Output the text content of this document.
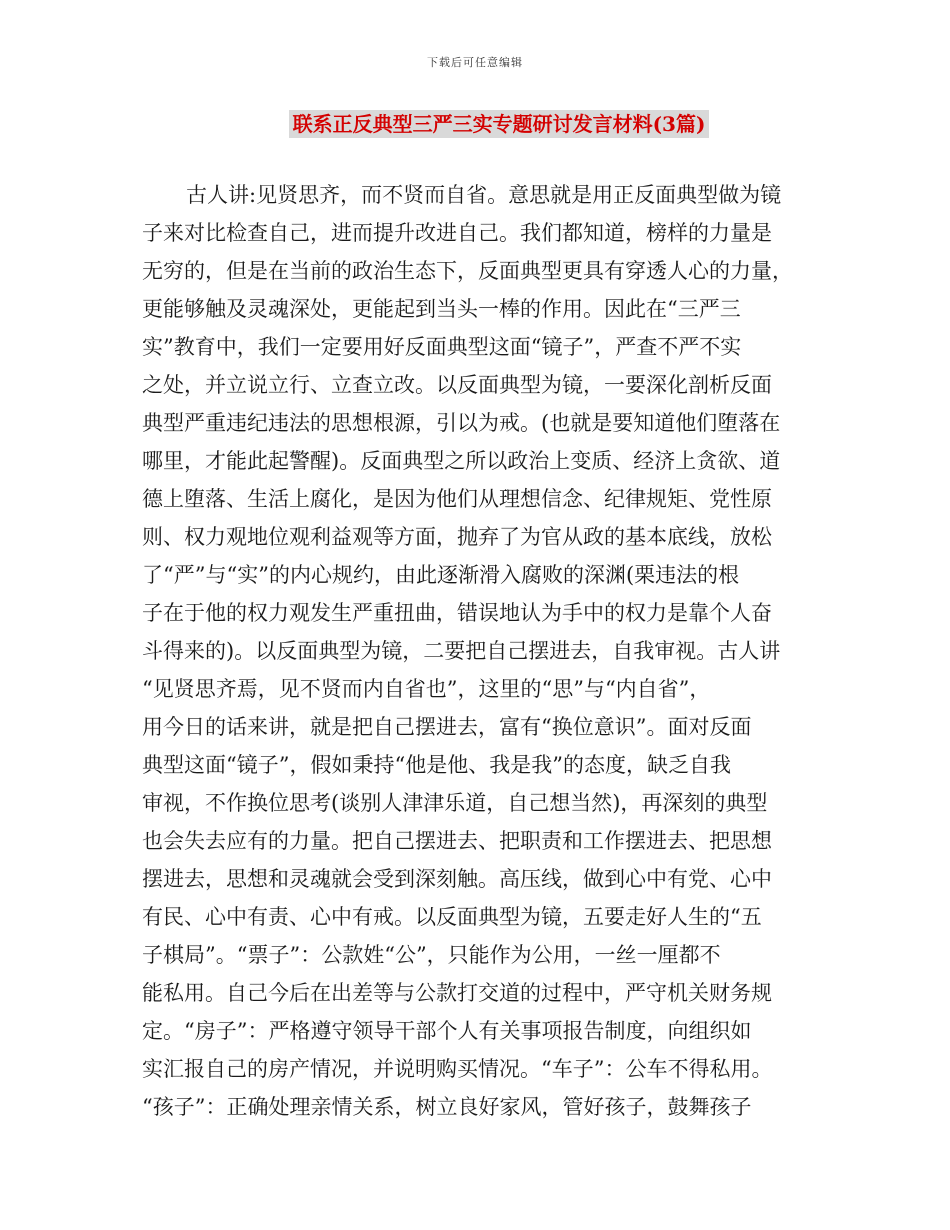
下载后可任意编辑
联系正反典型三严三实专题研讨发言材料(3篇)
古人讲:见贤思齐，而不贤而自省。意思就是用正反面典型做为镜
子来对比检查自己，进而提升改进自己。我们都知道，榜样的力量是
无穷的，但是在当前的政治生态下，反面典型更具有穿透人心的力量，
更能够触及灵魂深处，更能起到当头一棒的作用。因此在“三严三
实”教育中，我们一定要用好反面典型这面“镜子”，严查不严不实
之处，并立说立行、立查立改。以反面典型为镜，一要深化剖析反面
典型严重违纪违法的思想根源，引以为戒。(也就是要知道他们堕落在
哪里，才能此起警醒)。反面典型之所以政治上变质、经济上贪欲、道
德上堕落、生活上腐化，是因为他们从理想信念、纪律规矩、党性原
则、权力观地位观利益观等方面，抛弃了为官从政的基本底线，放松
了“严”与“实”的内心规约，由此逐渐滑入腐败的深渊(栗违法的根
子在于他的权力观发生严重扭曲，错误地认为手中的权力是靠个人奋
斗得来的)。以反面典型为镜，二要把自己摆进去，自我审视。古人讲
“见贤思齐焉，见不贤而内自省也”，这里的“思”与“内自省”，
用今日的话来讲，就是把自己摆进去，富有“换位意识”。面对反面
典型这面“镜子”，假如秉持“他是他、我是我”的态度，缺乏自我
审视，不作换位思考(谈别人津津乐道，自己想当然)，再深刻的典型
也会失去应有的力量。把自己摆进去、把职责和工作摆进去、把思想
摆进去，思想和灵魂就会受到深刻触。高压线，做到心中有党、心中
有民、心中有责、心中有戒。以反面典型为镜，五要走好人生的“五
子棋局”。“票子”：公款姓“公”，只能作为公用，一丝一厘都不
能私用。自己今后在出差等与公款打交道的过程中，严守机关财务规
定。“房子”：严格遵守领导干部个人有关事项报告制度，向组织如
实汇报自己的房产情况，并说明购买情况。“车子”：公车不得私用。
“孩子”：正确处理亲情关系，树立良好家风，管好孩子，鼓舞孩子
